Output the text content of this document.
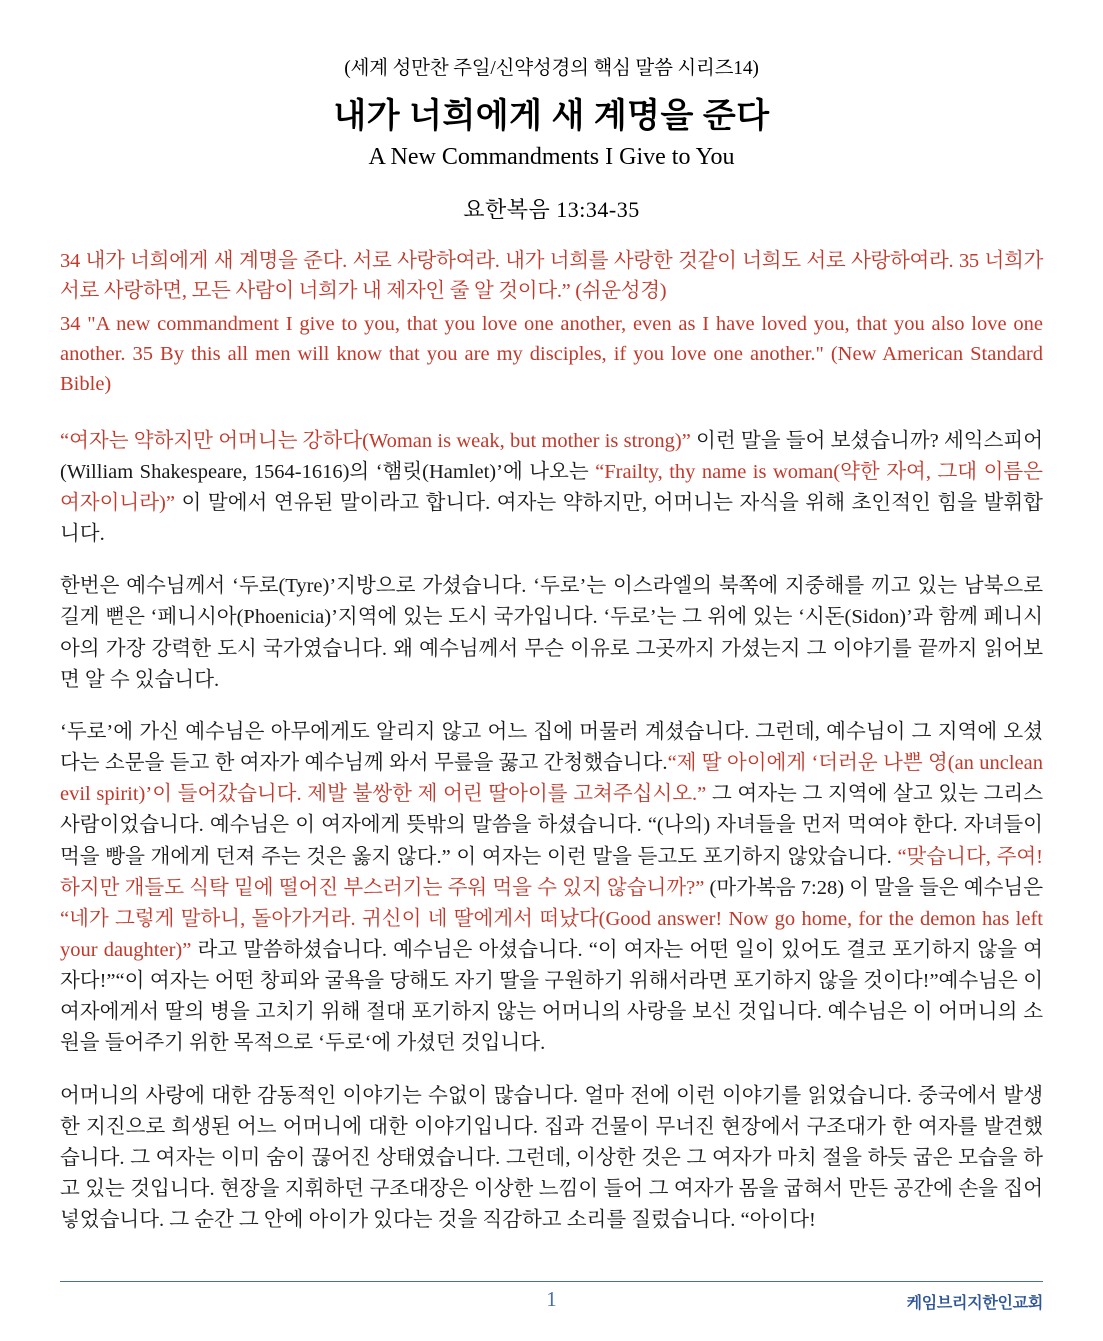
(세계 성만찬 주일/신약성경의 핵심 말씀 시리즈14)
내가 너희에게 새 계명을 준다
A New Commandments I Give to You
요한복음 13:34-35
34 내가 너희에게 새 계명을 준다. 서로 사랑하여라. 내가 너희를 사랑한 것같이 너희도 서로 사랑하여라. 35 너희가 서로 사랑하면, 모든 사람이 너희가 내 제자인 줄 알 것이다.” (쉬운성경)
34 "A new commandment I give to you, that you love one another, even as I have loved you, that you also love one another. 35 By this all men will know that you are my disciples, if you love one another." (New American Standard Bible)

“여자는 약하지만 어머니는 강하다(Woman is weak, but mother is strong)” 이런 말을 들어 보셨습니까? 세익스피어 (William Shakespeare, 1564-1616)의 ‘햄릿(Hamlet)’에 나오는 “Frailty, thy name is woman(약한 자여, 그대 이름은 여자이니라)” 이 말에서 연유된 말이라고 합니다. 여자는 약하지만, 어머니는 자식을 위해 초인적인 힘을 발휘합니다.

한번은 예수님께서 ‘두로(Tyre)’지방으로 가셨습니다. ‘두로’는 이스라엘의 북쪽에 지중해를 끼고 있는 남북으로 길게 뻗은 ‘페니시아(Phoenicia)’지역에 있는 도시 국가입니다. ‘두로’는 그 위에 있는 ‘시돈(Sidon)’과 함께 페니시아의 가장 강력한 도시 국가였습니다. 왜 예수님께서 무슨 이유로 그곳까지 가셨는지 그 이야기를 끝까지 읽어보면 알 수 있습니다.

‘두로’에 가신 예수님은 아무에게도 알리지 않고 어느 집에 머물러 계셨습니다. 그런데, 예수님이 그 지역에 오셨다는 소문을 듣고 한 여자가 예수님께 와서 무릎을 꿇고 간청했습니다.“제 딸 아이에게 ‘더러운 나쁜 영(an unclean evil spirit)’이 들어갔습니다. 제발 불쌍한 제 어린 딸아이를 고쳐주십시오.” 그 여자는 그 지역에 살고 있는 그리스 사람이었습니다. 예수님은 이 여자에게 뜻밖의 말씀을 하셨습니다. “(나의) 자녀들을 먼저 먹여야 한다. 자녀들이 먹을 빵을 개에게 던져 주는 것은 옳지 않다.” 이 여자는 이런 말을 듣고도 포기하지 않았습니다. “맞습니다, 주여! 하지만 개들도 식탁 밑에 떨어진 부스러기는 주워 먹을 수 있지 않습니까?” (마가복음 7:28) 이 말을 들은 예수님은 “네가 그렇게 말하니, 돌아가거라. 귀신이 네 딸에게서 떠났다(Good answer! Now go home, for the demon has left your daughter)” 라고 말씀하셨습니다. 예수님은 아셨습니다. “이 여자는 어떤 일이 있어도 결코 포기하지 않을 여자다!”“이 여자는 어떤 창피와 굴욕을 당해도 자기 딸을 구원하기 위해서라면 포기하지 않을 것이다!”예수님은 이 여자에게서 딸의 병을 고치기 위해 절대 포기하지 않는 어머니의 사랑을 보신 것입니다. 예수님은 이 어머니의 소원을 들어주기 위한 목적으로 ‘두로‘에 가셨던 것입니다.

어머니의 사랑에 대한 감동적인 이야기는 수없이 많습니다. 얼마 전에 이런 이야기를 읽었습니다. 중국에서 발생한 지진으로 희생된 어느 어머니에 대한 이야기입니다. 집과 건물이 무너진 현장에서 구조대가 한 여자를 발견했습니다. 그 여자는 이미 숨이 끊어진 상태였습니다. 그런데, 이상한 것은 그 여자가 마치 절을 하듯 굽은 모습을 하고 있는 것입니다. 현장을 지휘하던 구조대장은 이상한 느낌이 들어 그 여자가 몸을 굽혀서 만든 공간에 손을 집어넣었습니다. 그 순간 그 안에 아이가 있다는 것을 직감하고 소리를 질렀습니다. “아이다!

1	케임브리지한인교회
